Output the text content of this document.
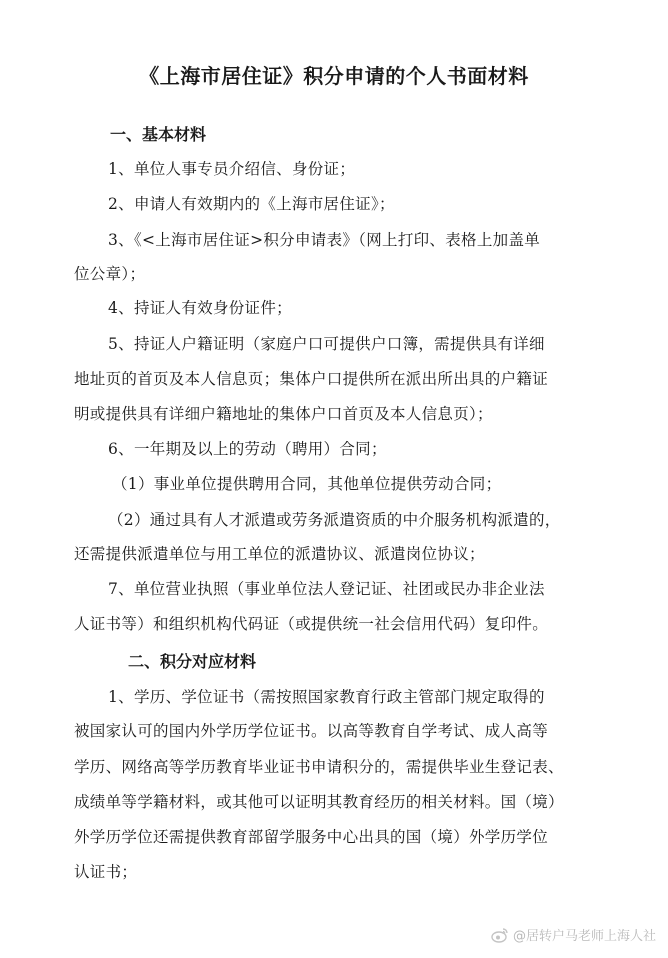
《上海市居住证》积分申请的个人书面材料
一、基本材料
1、单位人事专员介绍信、身份证；
2、申请人有效期内的《上海市居住证》；
3、《<上海市居住证>积分申请表》（网上打印、表格上加盖单
位公章）；
4、持证人有效身份证件；
5、持证人户籍证明（家庭户口可提供户口簿，需提供具有详细
地址页的首页及本人信息页；集体户口提供所在派出所出具的户籍证
明或提供具有详细户籍地址的集体户口首页及本人信息页）；
6、一年期及以上的劳动（聘用）合同；
（1）事业单位提供聘用合同，其他单位提供劳动合同；
（2）通过具有人才派遣或劳务派遣资质的中介服务机构派遣的，
还需提供派遣单位与用工单位的派遣协议、派遣岗位协议；
7、单位营业执照（事业单位法人登记证、社团或民办非企业法
人证书等）和组织机构代码证（或提供统一社会信用代码）复印件。
二、积分对应材料
1、学历、学位证书（需按照国家教育行政主管部门规定取得的
被国家认可的国内外学历学位证书。以高等教育自学考试、成人高等
学历、网络高等学历教育毕业证书申请积分的，需提供毕业生登记表、
成绩单等学籍材料，或其他可以证明其教育经历的相关材料。国（境）
外学历学位还需提供教育部留学服务中心出具的国（境）外学历学位
认证书；
@居转户马老师上海人社
